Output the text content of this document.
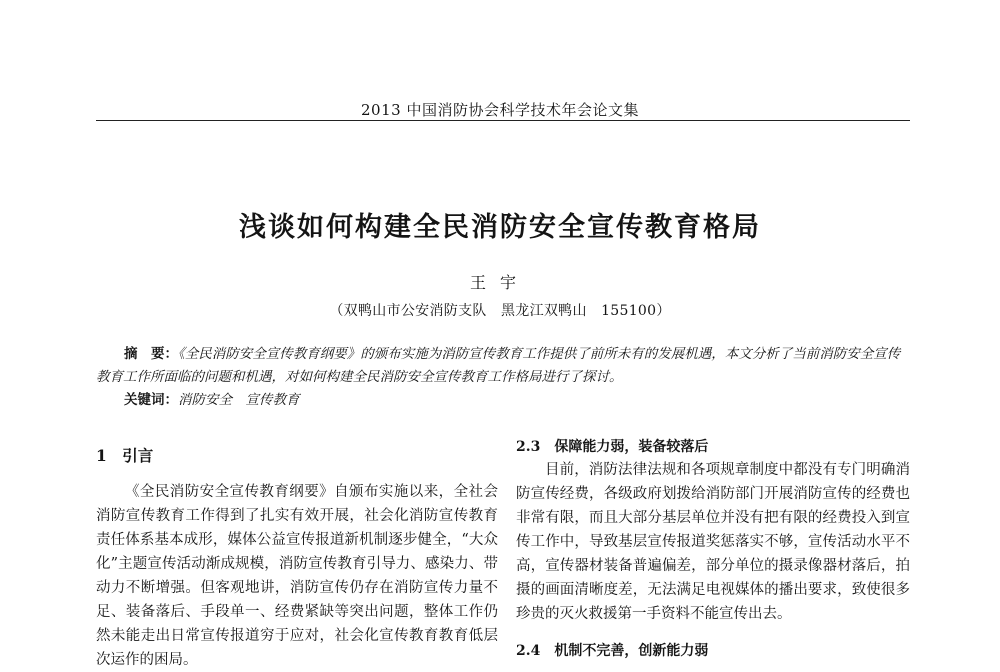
2013 中国消防协会科学技术年会论文集
浅谈如何构建全民消防安全宣传教育格局
王宇
（双鸭山市公安消防支队　黑龙江双鸭山　155100）
摘　要：《全民消防安全宣传教育纲要》的颁布实施为消防宣传教育工作提供了前所未有的发展机遇，本文分析了当前消防安全宣传教育工作所面临的问题和机遇，对如何构建全民消防安全宣传教育工作格局进行了探讨。
关键词：消防安全　宣传教育
1　引言
《全民消防安全宣传教育纲要》自颁布实施以来，全社会消防宣传教育工作得到了扎实有效开展，社会化消防宣传教育责任体系基本成形，媒体公益宣传报道新机制逐步健全，“大众化”主题宣传活动渐成规模，消防宣传教育引导力、感染力、带动力不断增强。但客观地讲，消防宣传仍存在消防宣传力量不足、装备落后、手段单一、经费紧缺等突出问题，整体工作仍然未能走出日常宣传报道穷于应对，社会化宣传教育教育低层次运作的困局。
2.3　保障能力弱，装备较落后
目前，消防法律法规和各项规章制度中都没有专门明确消防宣传经费，各级政府划拨给消防部门开展消防宣传的经费也非常有限，而且大部分基层单位并没有把有限的经费投入到宣传工作中，导致基层宣传报道奖惩落实不够，宣传活动水平不高，宣传器材装备普遍偏差，部分单位的摄录像器材落后，拍摄的画面清晰度差，无法满足电视媒体的播出要求，致使很多珍贵的灭火救援第一手资料不能宣传出去。
2.4　机制不完善，创新能力弱
